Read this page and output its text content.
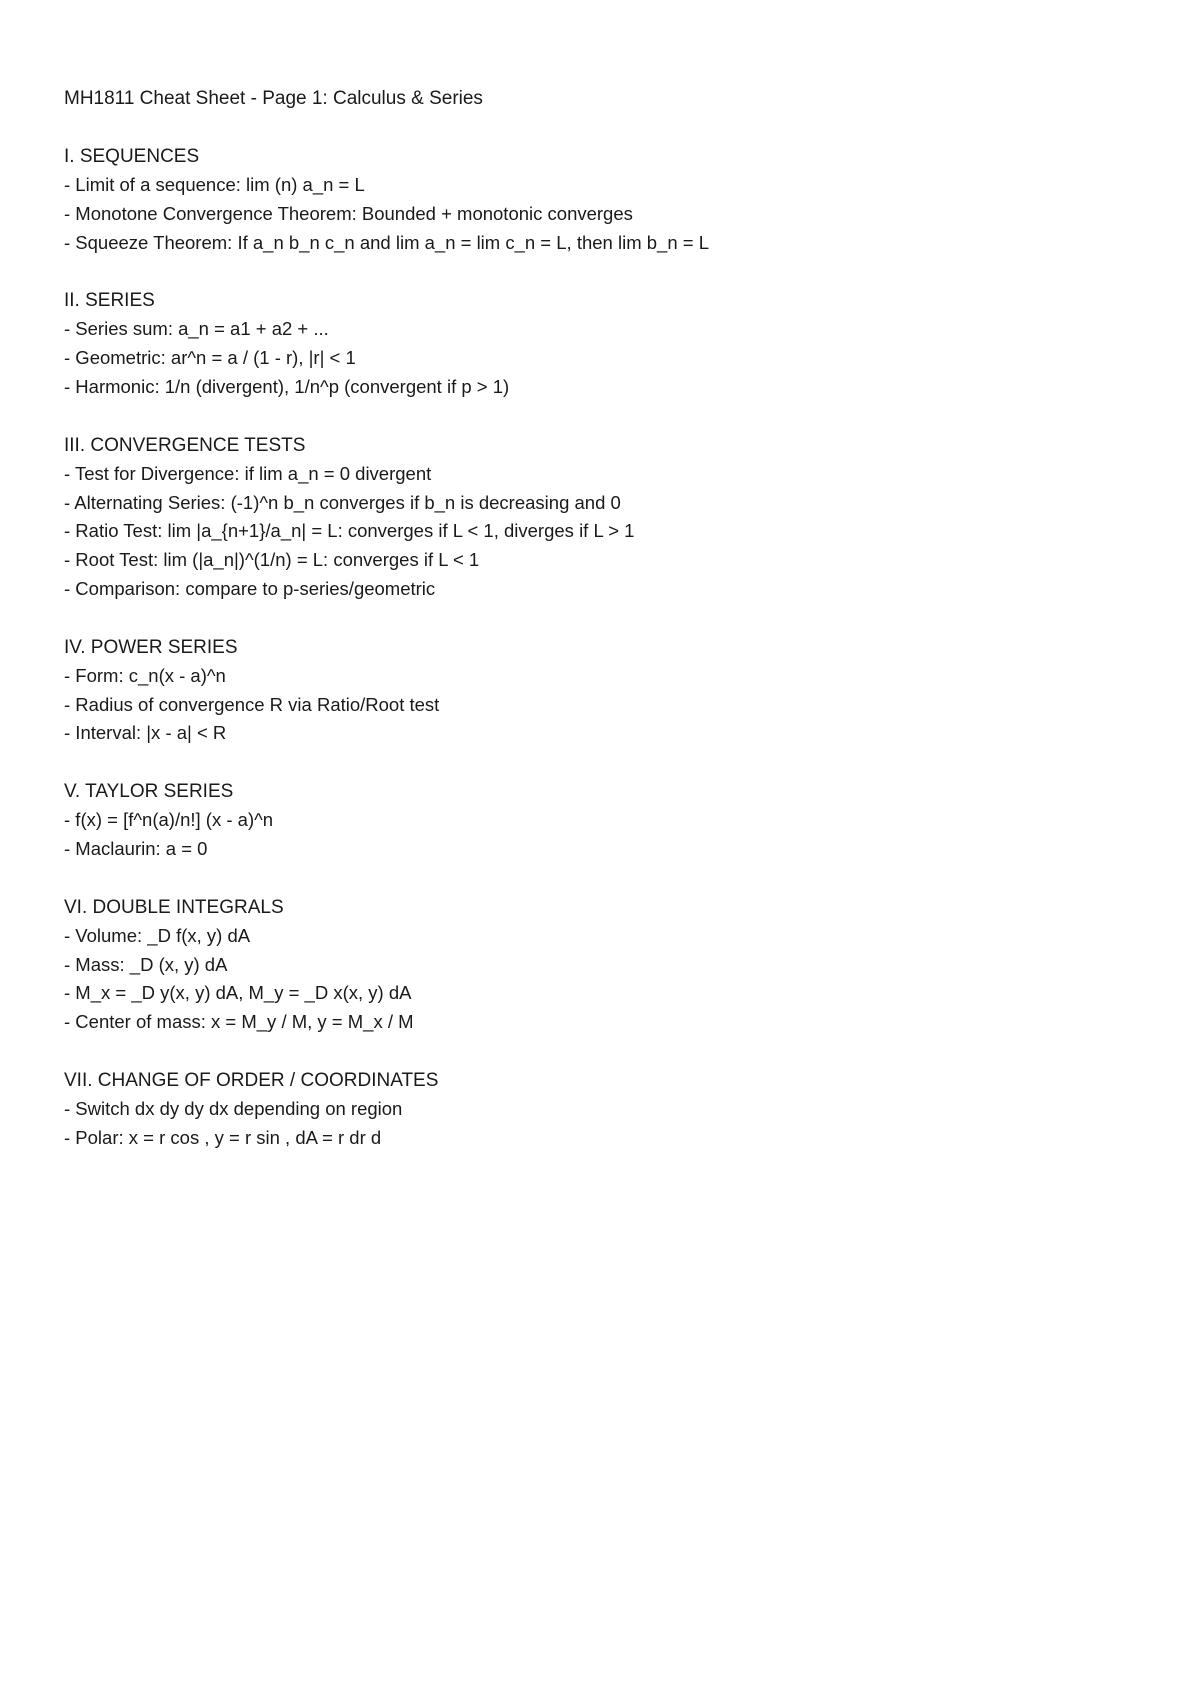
MH1811 Cheat Sheet - Page 1: Calculus & Series
I. SEQUENCES
- Limit of a sequence: lim (n) a_n = L
- Monotone Convergence Theorem: Bounded + monotonic converges
- Squeeze Theorem: If a_n b_n c_n and lim a_n = lim c_n = L, then lim b_n = L
II. SERIES
- Series sum: a_n = a1 + a2 + ...
- Geometric: ar^n = a / (1 - r), |r| < 1
- Harmonic: 1/n (divergent), 1/n^p (convergent if p > 1)
III. CONVERGENCE TESTS
- Test for Divergence: if lim a_n = 0 divergent
- Alternating Series: (-1)^n b_n converges if b_n is decreasing and 0
- Ratio Test: lim |a_{n+1}/a_n| = L: converges if L < 1, diverges if L > 1
- Root Test: lim (|a_n|)^(1/n) = L: converges if L < 1
- Comparison: compare to p-series/geometric
IV. POWER SERIES
- Form: c_n(x - a)^n
- Radius of convergence R via Ratio/Root test
- Interval: |x - a| < R
V. TAYLOR SERIES
- f(x) = [f^n(a)/n!] (x - a)^n
- Maclaurin: a = 0
VI. DOUBLE INTEGRALS
- Volume: _D f(x, y) dA
- Mass: _D (x, y) dA
- M_x = _D y(x, y) dA, M_y = _D x(x, y) dA
- Center of mass: x = M_y / M, y = M_x / M
VII. CHANGE OF ORDER / COORDINATES
- Switch dx dy dy dx depending on region
- Polar: x = r cos , y = r sin , dA = r dr d
